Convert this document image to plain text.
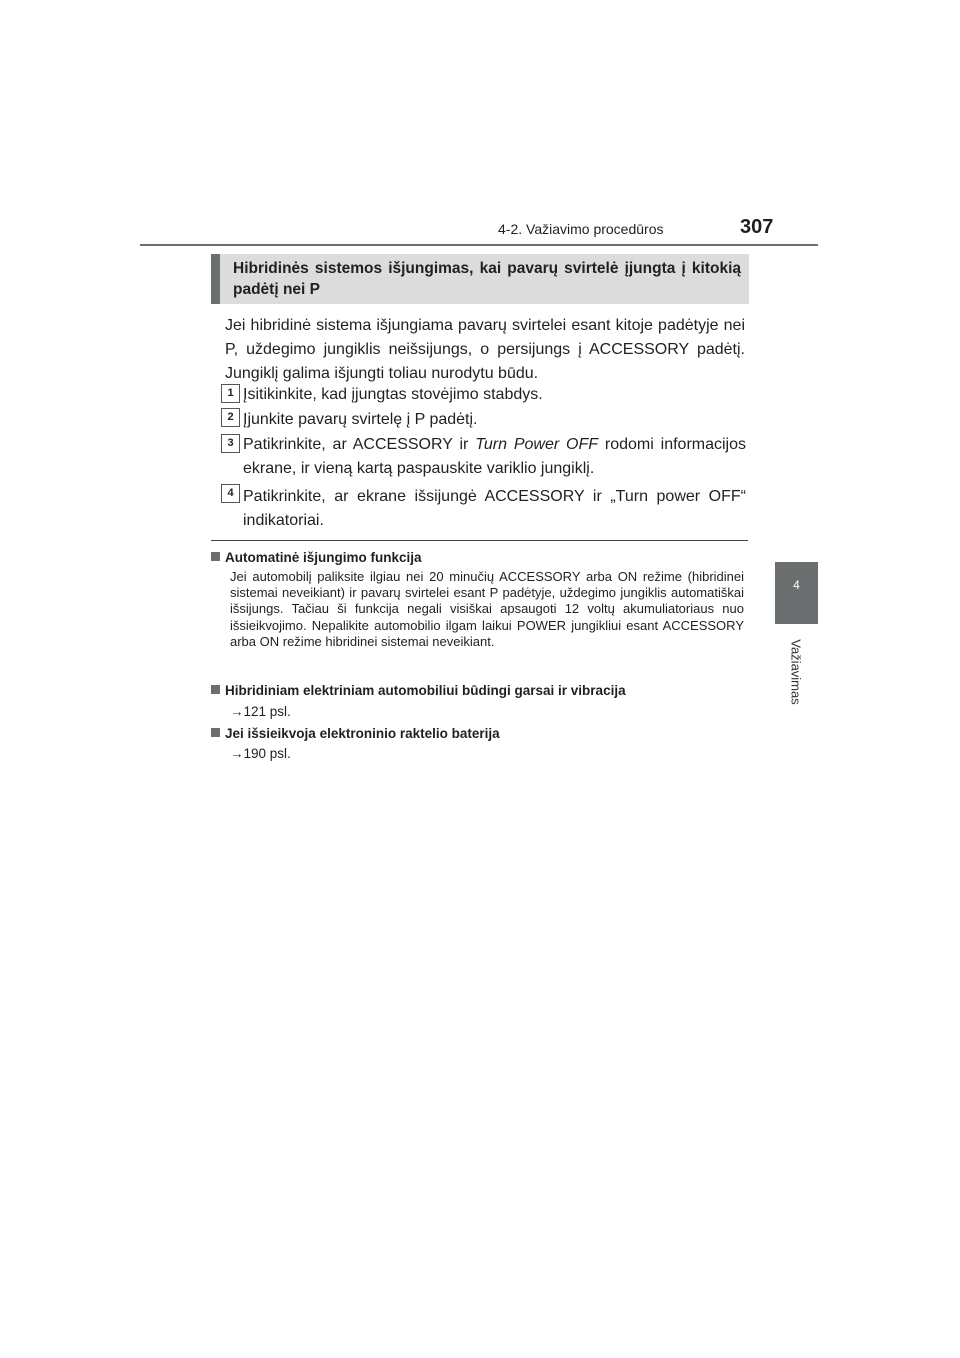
4-2. Važiavimo procedūros	307
4
Važiavimas
Hibridinės sistemos išjungimas, kai pavarų svirtelė įjungta į kitokią padėtį nei P

Jei hibridinė sistema išjungiama pavarų svirtelei esant kitoje padėtyje nei P, uždegimo jungiklis neišsijungs, o persijungs į ACCESSORY padėtį. Jungiklį galima išjungti toliau nurodytu būdu.

1 Įsitikinkite, kad įjungtas stovėjimo stabdys.

2 Įjunkite pavarų svirtelę į P padėtį.

3 Patikrinkite, ar ACCESSORY ir Turn Power OFF rodomi informacijos ekrane, ir vieną kartą paspauskite variklio jungiklį.

4 Patikrinkite, ar ekrane išsijungė ACCESSORY ir „Turn power OFF“ indikatoriai.

Automatinė išjungimo funkcija

Jei automobilį paliksite ilgiau nei 20 minučių ACCESSORY arba ON režime (hibridinei sistemai neveikiant) ir pavarų svirtelei esant P padėtyje, uždegimo jungiklis automatiškai išsijungs. Tačiau ši funkcija negali visiškai apsaugoti 12 voltų akumuliatoriaus nuo išsieikvojimo. Nepalikite automobilio ilgam laikui POWER jungikliui esant ACCESSORY arba ON režime hibridinei sistemai neveikiant.

Hibridiniam elektriniam automobiliui būdingi garsai ir vibracija
→121 psl.
Jei išsieikvoja elektroninio raktelio baterija
→190 psl.
